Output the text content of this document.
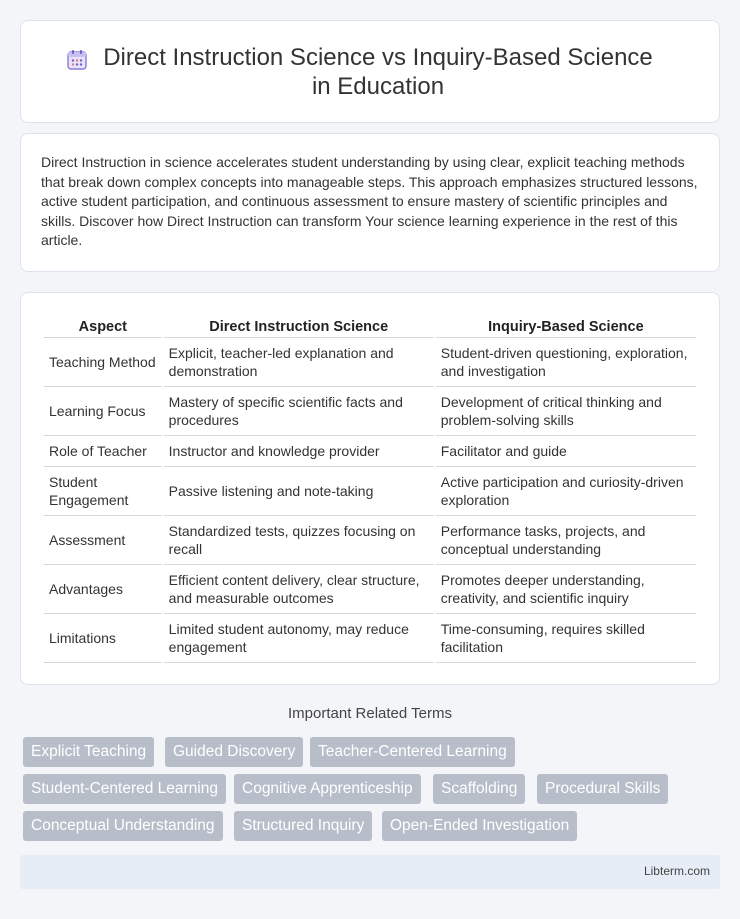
Direct Instruction Science vs Inquiry-Based Science in Education

Direct Instruction in science accelerates student understanding by using clear, explicit teaching methods that break down complex concepts into manageable steps. This approach emphasizes structured lessons, active student participation, and continuous assessment to ensure mastery of scientific principles and skills. Discover how Direct Instruction can transform Your science learning experience in the rest of this article.

Aspect	Direct Instruction Science	Inquiry-Based Science
Teaching Method	Explicit, teacher-led explanation and demonstration	Student-driven questioning, exploration, and investigation
Learning Focus	Mastery of specific scientific facts and procedures	Development of critical thinking and problem-solving skills
Role of Teacher	Instructor and knowledge provider	Facilitator and guide
Student Engagement	Passive listening and note-taking	Active participation and curiosity-driven exploration
Assessment	Standardized tests, quizzes focusing on recall	Performance tasks, projects, and conceptual understanding
Advantages	Efficient content delivery, clear structure, and measurable outcomes	Promotes deeper understanding, creativity, and scientific inquiry
Limitations	Limited student autonomy, may reduce engagement	Time-consuming, requires skilled facilitation
Important Related Terms
Explicit Teaching	Guided Discovery	Teacher-Centered Learning
Student-Centered Learning	Cognitive Apprenticeship	Scaffolding	Procedural Skills
Conceptual Understanding	Structured Inquiry	Open-Ended Investigation
Libterm.com
